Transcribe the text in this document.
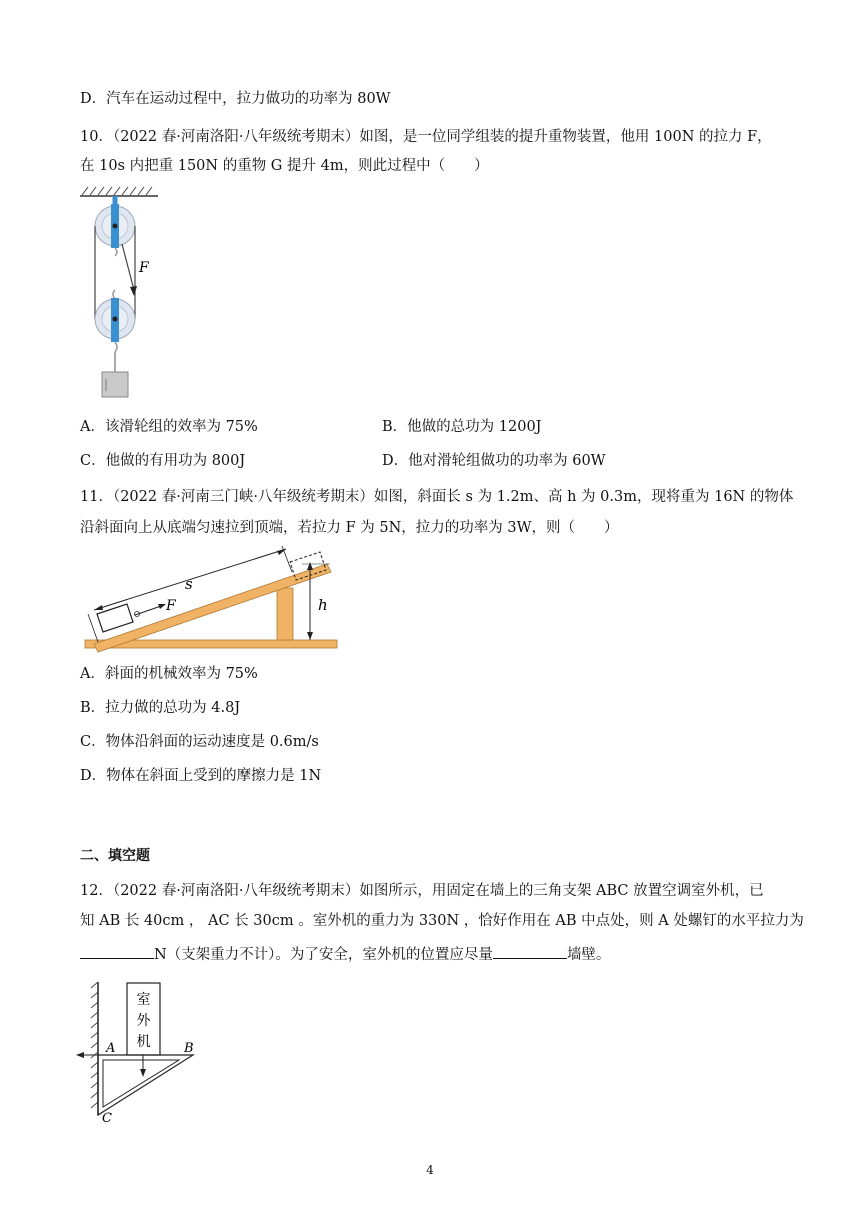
D．汽车在运动过程中，拉力做功的功率为 80W
10．（2022 春·河南洛阳·八年级统考期末）如图，是一位同学组装的提升重物装置，他用 100N 的拉力 F，
在 10s 内把重 150N 的重物 G 提升 4m，则此过程中（　　）
F
A．该滑轮组的效率为 75%	B．他做的总功为 1200J
C．他做的有用功为 800J	D．他对滑轮组做功的功率为 60W
11．（2022 春·河南三门峡·八年级统考期末）如图，斜面长 s 为 1.2m、高 h 为 0.3m，现将重为 16N 的物体
沿斜面向上从底端匀速拉到顶端，若拉力 F 为 5N，拉力的功率为 3W，则（　　）
F
s
h
A．斜面的机械效率为 75%
B．拉力做的总功为 4.8J
C．物体沿斜面的运动速度是 0.6m/s
D．物体在斜面上受到的摩擦力是 1N
二、填空题
12．（2022 春·河南洛阳·八年级统考期末）如图所示，用固定在墙上的三角支架 ABC 放置空调室外机，已
知 AB 长 40cm ， AC 长 30cm 。室外机的重力为 330N ，恰好作用在 AB 中点处，则 A 处螺钉的水平拉力为
N（支架重力不计）。为了安全，室外机的位置应尽量	墙壁。
室
外
机
A	B
C
4
